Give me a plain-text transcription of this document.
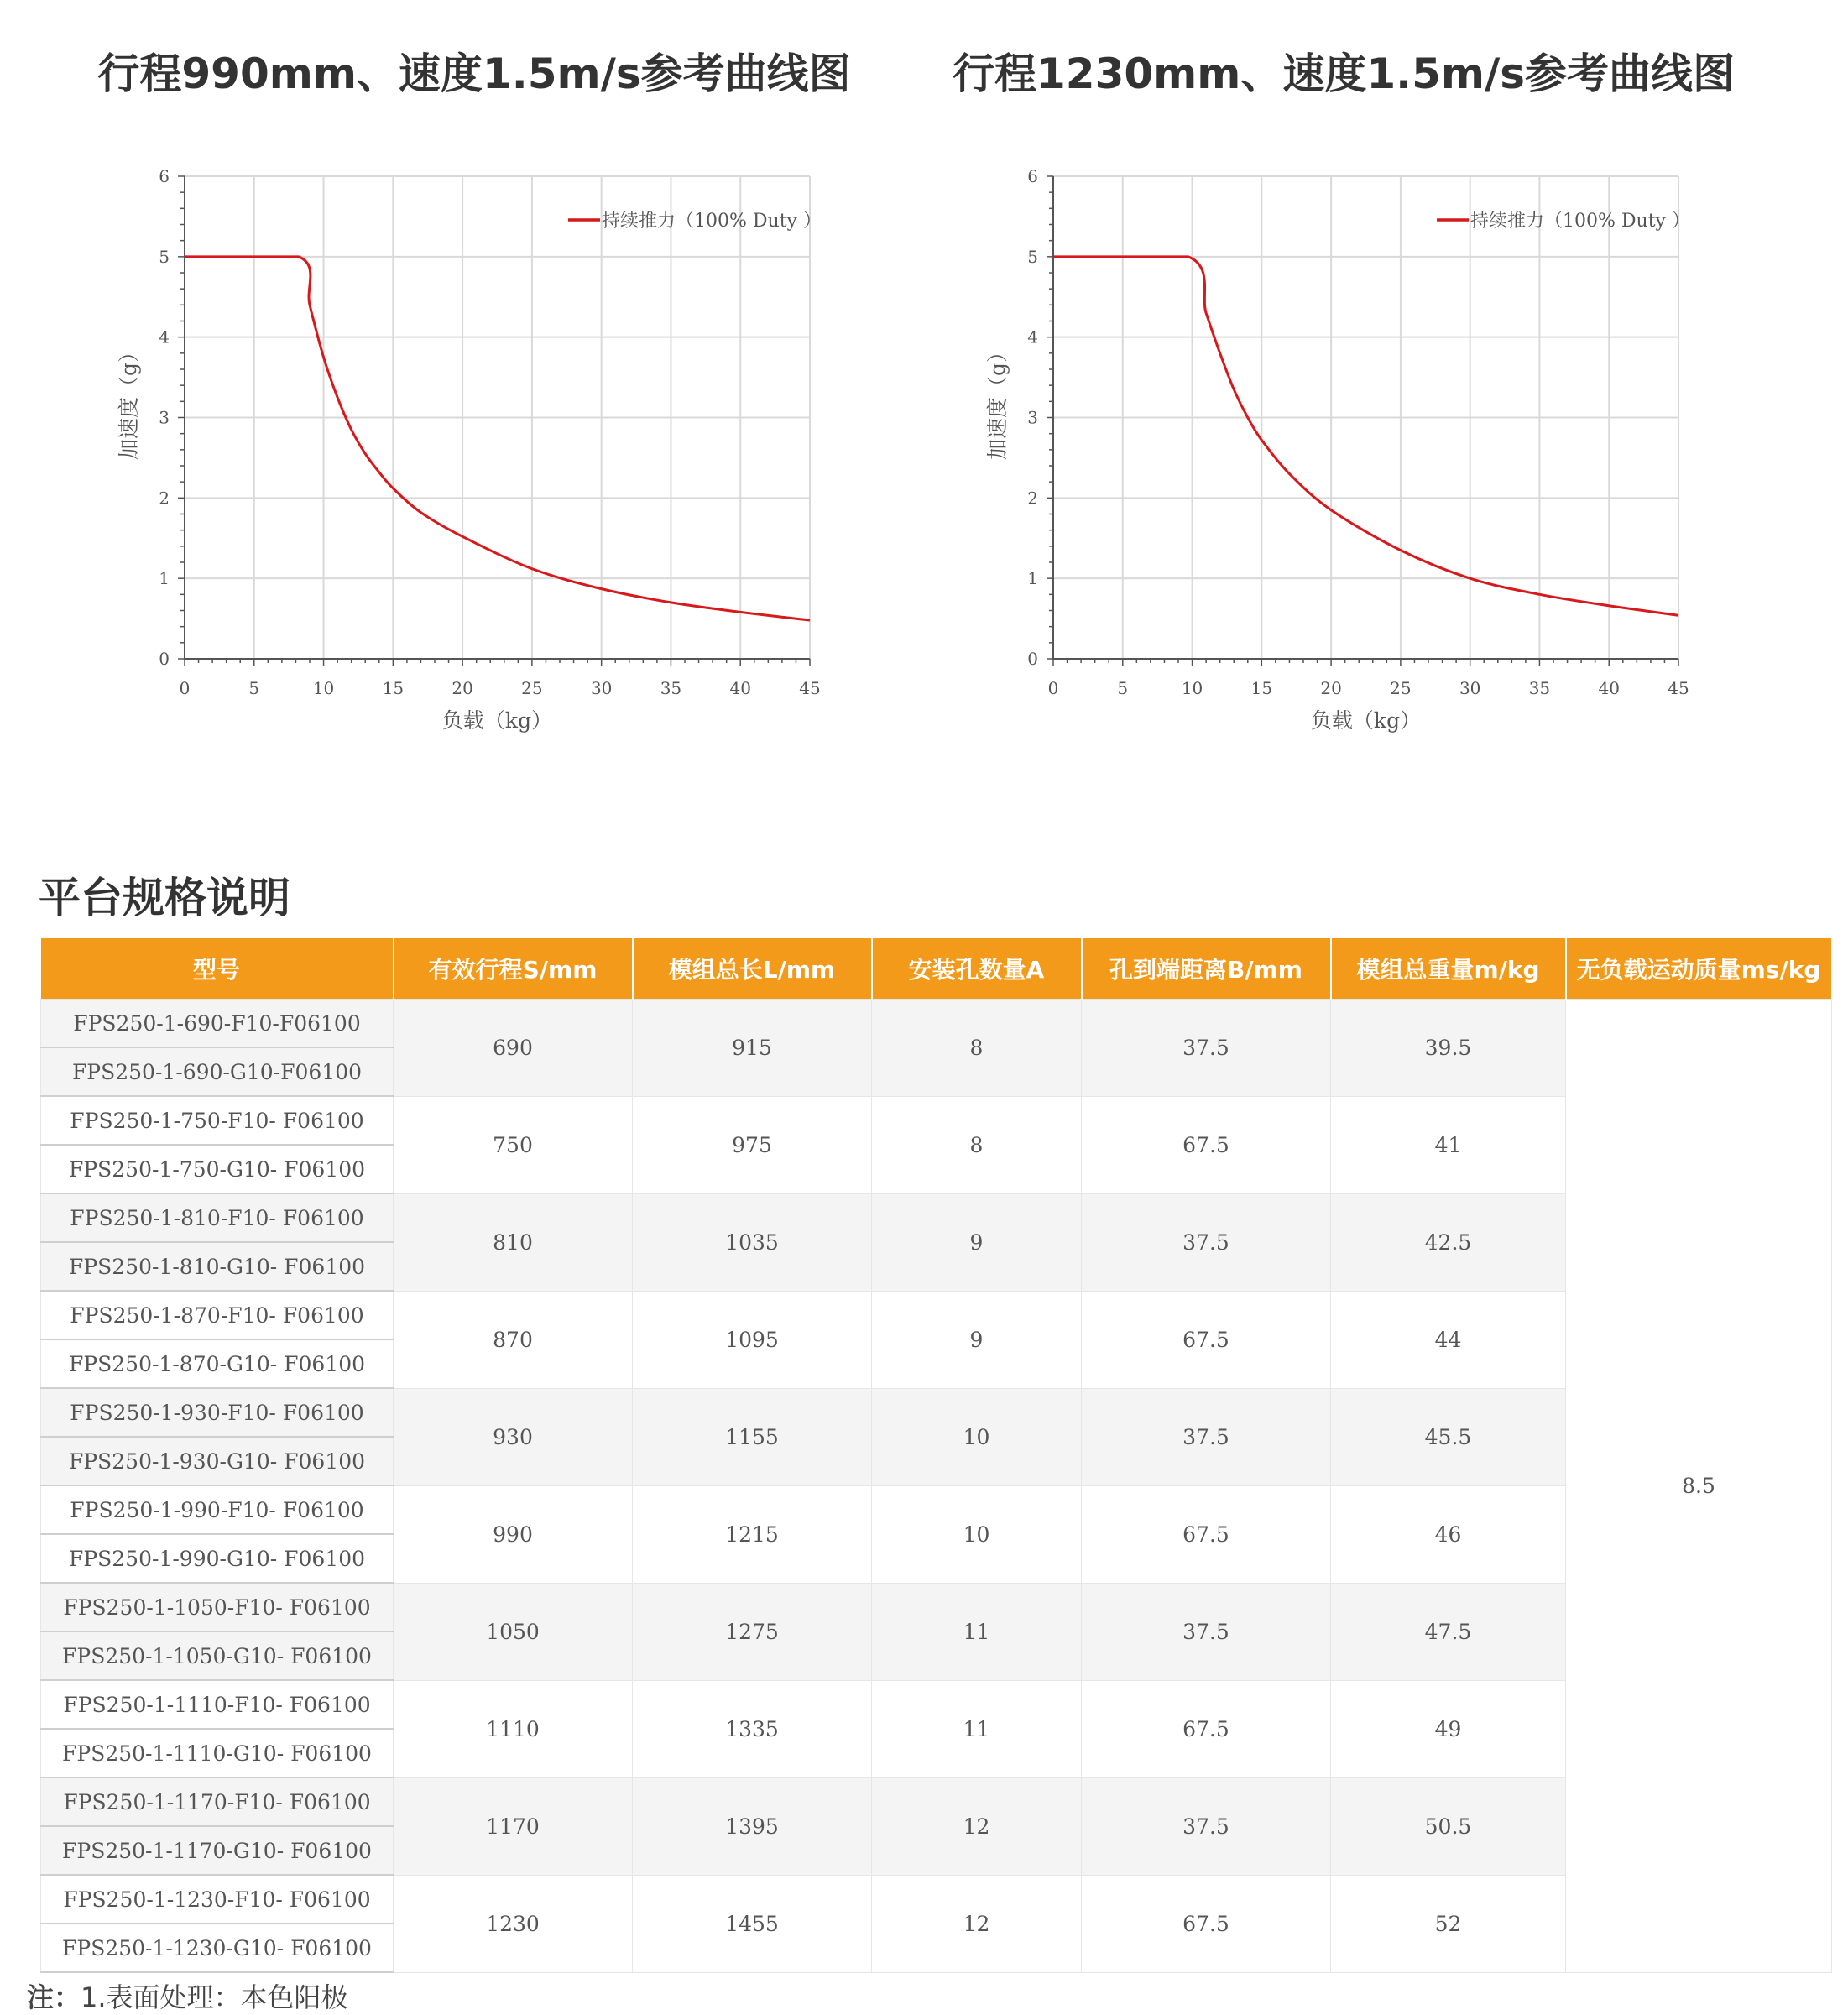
行程990mm、速度1.5m/s参考曲线图	行程1230mm、速度1.5m/s参考曲线图
0	5	10	15	20	25	30	35	40	45
0
1
2
3
4
5
6
负载（kg）
加速度（g）
持续推力（100% Duty ）
0	5	10	15	20	25	30	35	40	45
0
1
2
3
4
5
6
负载（kg）
加速度（g）
持续推力（100% Duty ）
平台规格说明
型号	有效行程S/mm	模组总长L/mm	安装孔数量A	孔到端距离B/mm	模组总重量m/kg	无负载运动质量ms/kg
FPS250-1-690-F10-F06100	690	915	8	37.5	39.5	8.5
FPS250-1-690-G10-F06100						
FPS250-1-750-F10- F06100	750	975	8	67.5	41	
FPS250-1-750-G10- F06100						
FPS250-1-810-F10- F06100	810	1035	9	37.5	42.5	
FPS250-1-810-G10- F06100						
FPS250-1-870-F10- F06100	870	1095	9	67.5	44	
FPS250-1-870-G10- F06100						
FPS250-1-930-F10- F06100	930	1155	10	37.5	45.5	
FPS250-1-930-G10- F06100						
FPS250-1-990-F10- F06100	990	1215	10	67.5	46	
FPS250-1-990-G10- F06100						
FPS250-1-1050-F10- F06100	1050	1275	11	37.5	47.5	
FPS250-1-1050-G10- F06100						
FPS250-1-1110-F10- F06100	1110	1335	11	67.5	49	
FPS250-1-1110-G10- F06100						
FPS250-1-1170-F10- F06100	1170	1395	12	37.5	50.5	
FPS250-1-1170-G10- F06100						
FPS250-1-1230-F10- F06100	1230	1455	12	67.5	52	
FPS250-1-1230-G10- F06100						
注：1.表面处理：本色阳极
